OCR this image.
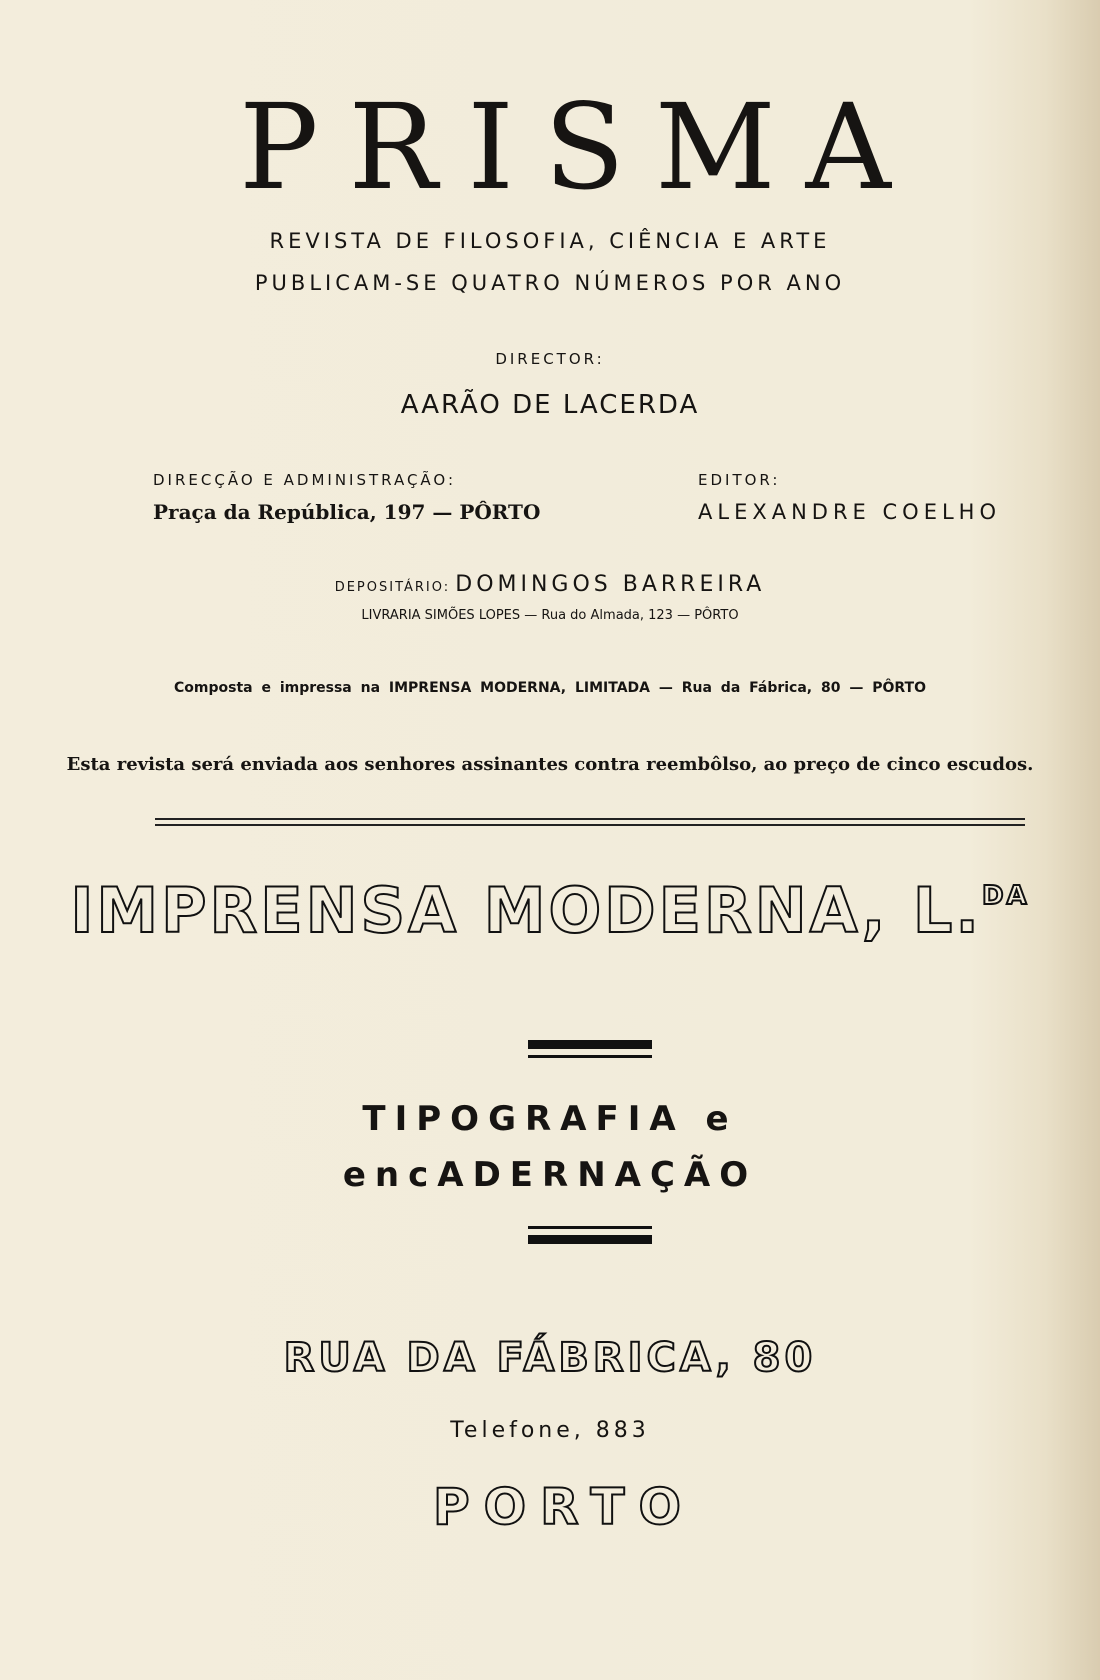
PRISMA
REVISTA DE FILOSOFIA, CIÊNCIA E ARTE
PUBLICAM-SE QUATRO NÚMEROS POR ANO
DIRECTOR:
AARÃO DE LACERDA
DIRECÇÃO E ADMINISTRAÇÃO:
Praça da República, 197 — PÔRTO
EDITOR:
ALEXANDRE COELHO
DEPOSITÁRIO: DOMINGOS BARREIRA
LIVRARIA SIMÕES LOPES — Rua do Almada, 123 — PÔRTO
Composta e impressa na IMPRENSA MODERNA, LIMITADA — Rua da Fábrica, 80 — PÔRTO
Esta revista será enviada aos senhores assinantes contra reembôlso, ao preço de cinco escudos.
IMPRENSA MODERNA, L.$^{DA}$
TIPOGRAFIA e
encADERNAÇÃO
RUA DA FÁBRICA, 80
Telefone, 883
PORTO
